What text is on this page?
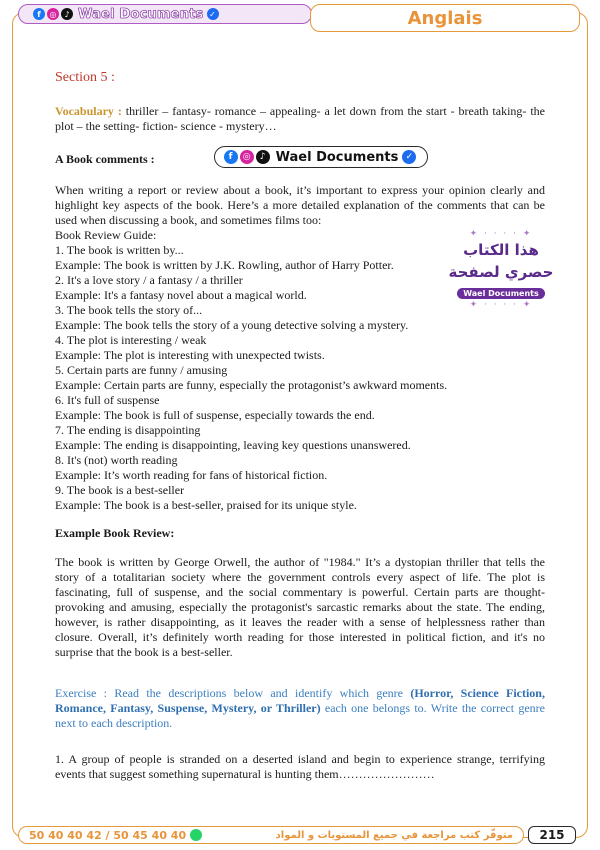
f	◎ ♪ Wael Documents ✓	Anglais
Section 5 :
Vocabulary : thriller – fantasy- romance – appealing- a let down from the start - breath taking- the plot – the setting- fiction- science - mystery…
A Book comments :	f	◎	♪ Wael Documents ✓
When writing a report or review about a book, it’s important to express your opinion clearly and highlight key aspects of the book. Here’s a more detailed explanation of the comments that can be used when discussing a book, and sometimes films too:
Book Review Guide:
1. The book is written by...
Example: The book is written by J.K. Rowling, author of Harry Potter.
2. It's a love story / a fantasy / a thriller
Example: It's a fantasy novel about a magical world.
3. The book tells the story of...
Example: The book tells the story of a young detective solving a mystery.
4. The plot is interesting / weak
Example: The plot is interesting with unexpected twists.
5. Certain parts are funny / amusing
Example: Certain parts are funny, especially the protagonist’s awkward moments.
6. It's full of suspense
Example: The book is full of suspense, especially towards the end.
7. The ending is disappointing
Example: The ending is disappointing, leaving key questions unanswered.
8. It's (not) worth reading
Example: It’s worth reading for fans of historical fiction.
9. The book is a best-seller
Example: The book is a best-seller, praised for its unique style.
✦ · · · · ✦
هذا الكتاب
حصري لصفحة
Wael Documents
✦ · · · · ✦
Example Book Review:
The book is written by George Orwell, the author of "1984." It’s a dystopian thriller that tells the story of a totalitarian society where the government controls every aspect of life. The plot is fascinating, full of suspense, and the social commentary is powerful. Certain parts are thought-provoking and amusing, especially the protagonist's sarcastic remarks about the state. The ending, however, is rather disappointing, as it leaves the reader with a sense of helplessness rather than closure. Overall, it’s definitely worth reading for those interested in political fiction, and it's no surprise that the book is a best-seller.
Exercise : Read the descriptions below and identify which genre (Horror, Science Fiction, Romance, Fantasy, Suspense, Mystery, or Thriller) each one belongs to. Write the correct genre next to each description.
1. A group of people is stranded on a deserted island and begin to experience strange, terrifying events that suggest something supernatural is hunting them……………………
50 40 40 42 / 50 45 40 40	متوفّر كتب مراجعة في جميع المستويات و المواد	215
